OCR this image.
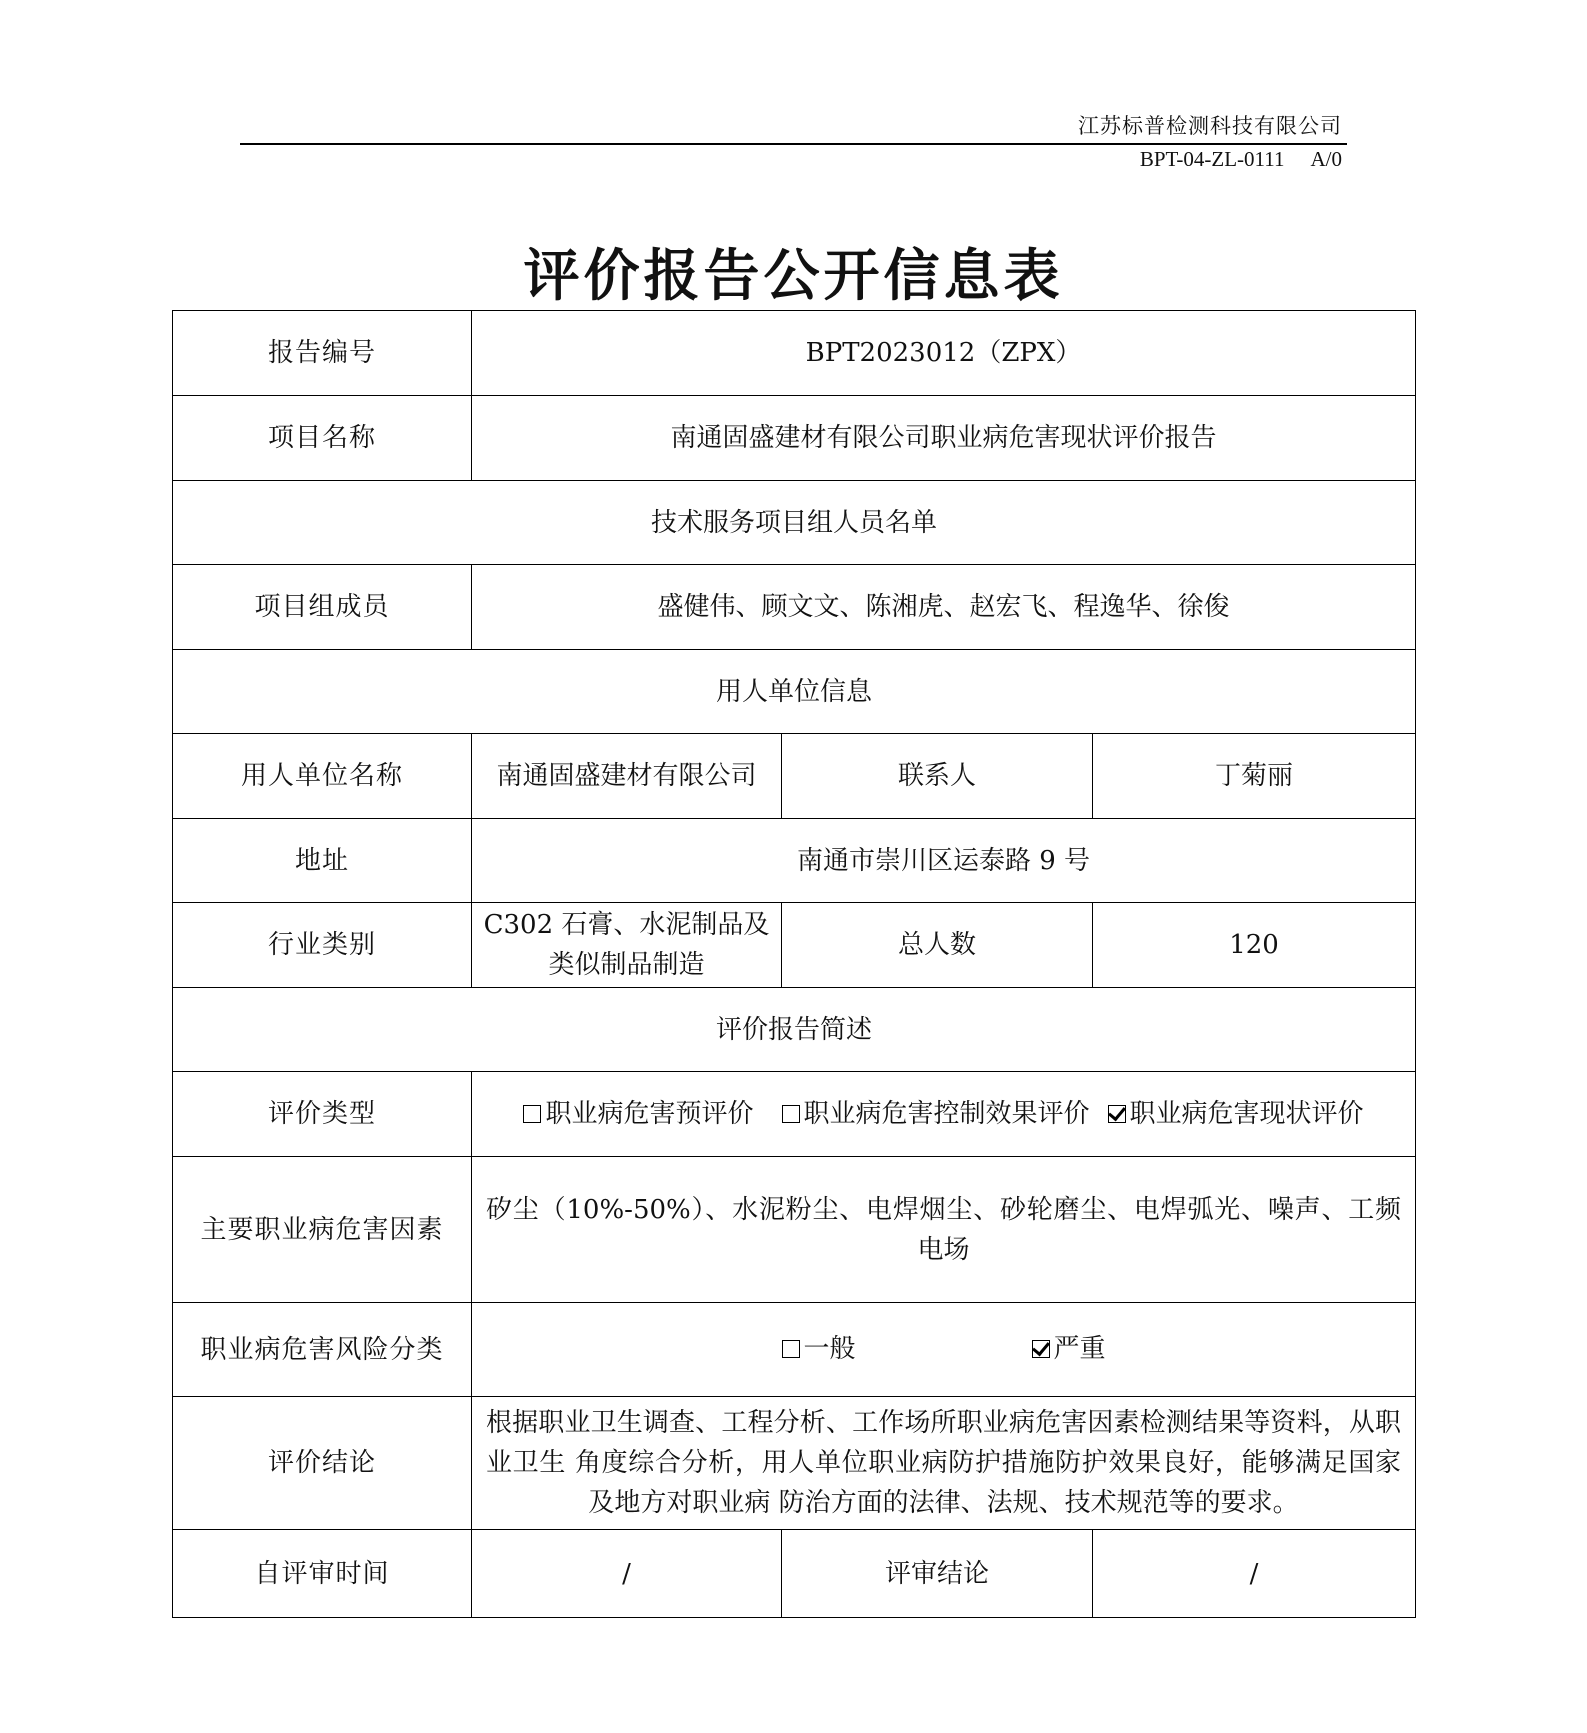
江苏标普检测科技有限公司
BPT-04-ZL-0111 A/0
评价报告公开信息表
报告编号	BPT2023012（ZPX）		
项目名称	南通固盛建材有限公司职业病危害现状评价报告		
技术服务项目组人员名单			
项目组成员	盛健伟、顾文文、陈湘虎、赵宏飞、程逸华、徐俊		
用人单位信息			
用人单位名称	南通固盛建材有限公司	联系人	丁菊丽
地址	南通市崇川区运泰路 9 号		
行业类别	C302 石膏、水泥制品及类似制品制造	总人数	120
评价报告简述			
评价类型	职业病危害预评价 职业病危害控制效果评价 职业病危害现状评价		

主要职业病危害因素	矽尘（10%-50%）、水泥粉尘、电焊烟尘、砂轮磨尘、电焊弧光、噪声、工频电场		
职业病危害风险分类	一般 严重		

评价结论	根据职业卫生调查、工程分析、工作场所职业病危害因素检测结果等资料，从职业卫生 角度综合分析，用人单位职业病防护措施防护效果良好，能够满足国家及地方对职业病 防治方面的法律、法规、技术规范等的要求。		
自评审时间	/	评审结论	/
